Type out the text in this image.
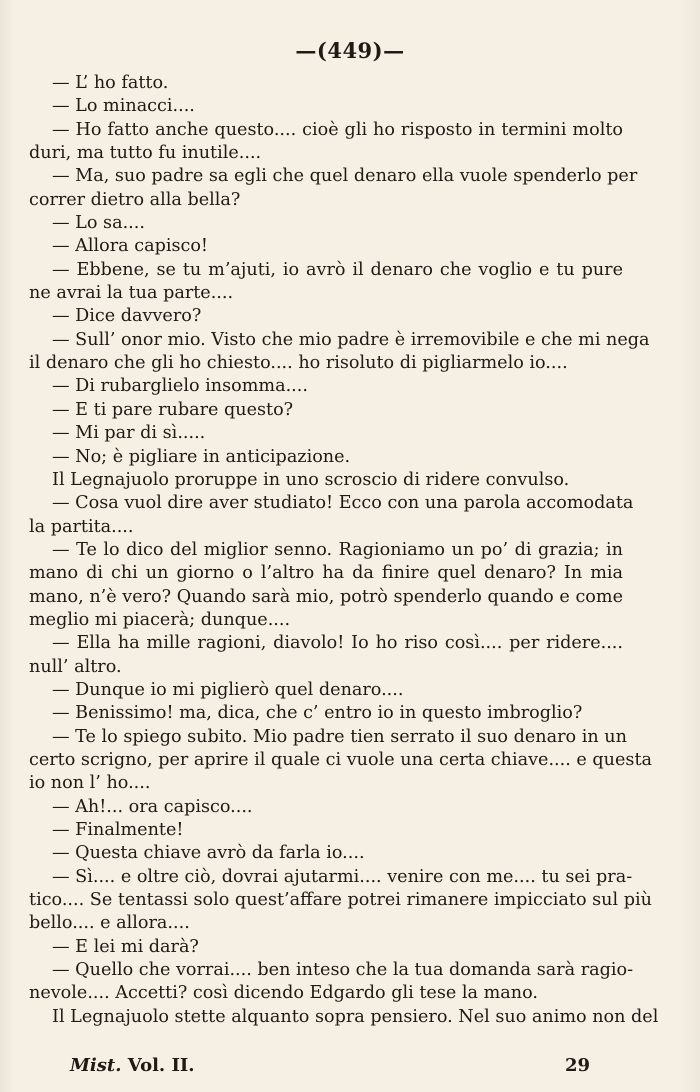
—(449)—
— L’ ho fatto.
— Lo minacci....
— Ho fatto anche questo.... cioè gli ho risposto in termini molto
duri, ma tutto fu inutile....
— Ma, suo padre sa egli che quel denaro ella vuole spenderlo per
correr dietro alla bella?
— Lo sa....
— Allora capisco!
— Ebbene, se tu m’ajuti, io avrò il denaro che voglio e tu pure
ne avrai la tua parte....
— Dice davvero?
— Sull’ onor mio. Visto che mio padre è irremovibile e che mi nega
il denaro che gli ho chiesto.... ho risoluto di pigliarmelo io....
— Di rubarglielo insomma....
— E ti pare rubare questo?
— Mi par di sì.....
— No; è pigliare in anticipazione.
Il Legnajuolo proruppe in uno scroscio di ridere convulso.
— Cosa vuol dire aver studiato! Ecco con una parola accomodata
la partita....
— Te lo dico del miglior senno. Ragioniamo un po’ di grazia; in
mano di chi un giorno o l’altro ha da finire quel denaro? In mia
mano, n’è vero? Quando sarà mio, potrò spenderlo quando e come
meglio mi piacerà; dunque....
— Ella ha mille ragioni, diavolo! Io ho riso così.... per ridere....
null’ altro.
— Dunque io mi piglierò quel denaro....
— Benissimo! ma, dica, che c’ entro io in questo imbroglio?
— Te lo spiego subito. Mio padre tien serrato il suo denaro in un
certo scrigno, per aprire il quale ci vuole una certa chiave.... e questa
io non l’ ho....
— Ah!... ora capisco....
— Finalmente!
— Questa chiave avrò da farla io....
— Sì.... e oltre ciò, dovrai ajutarmi.... venire con me.... tu sei pra-
tico.... Se tentassi solo quest’affare potrei rimanere impicciato sul più
bello.... e allora....
— E lei mi darà?
— Quello che vorrai.... ben inteso che la tua domanda sarà ragio-
nevole.... Accetti? così dicendo Edgardo gli tese la mano.
Il Legnajuolo stette alquanto sopra pensiero. Nel suo animo non del
Mist. Vol. II.	29
